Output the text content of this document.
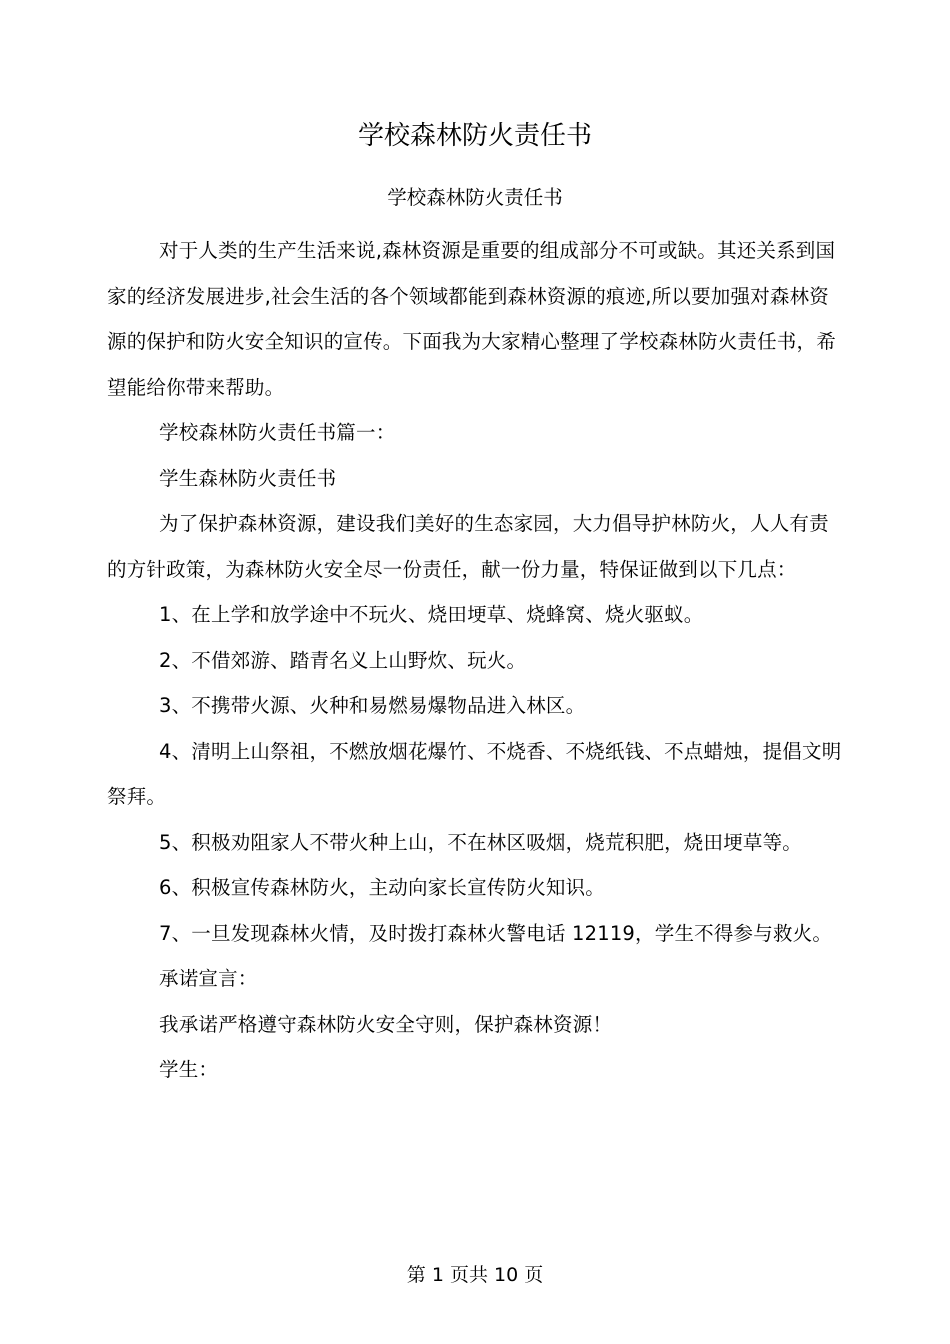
学校森林防火责任书
学校森林防火责任书

对于人类的生产生活来说,森林资源是重要的组成部分不可或缺。其还关系到国家的经济发展进步,社会生活的各个领域都能到森林资源的痕迹,所以要加强对森林资源的保护和防火安全知识的宣传。下面我为大家精心整理了学校森林防火责任书，希望能给你带来帮助。

学校森林防火责任书篇一：

学生森林防火责任书

为了保护森林资源，建设我们美好的生态家园，大力倡导护林防火，人人有责的方针政策，为森林防火安全尽一份责任，献一份力量，特保证做到以下几点：

1、在上学和放学途中不玩火、烧田埂草、烧蜂窝、烧火驱蚁。

2、不借郊游、踏青名义上山野炊、玩火。

3、不携带火源、火种和易燃易爆物品进入林区。

4、清明上山祭祖，不燃放烟花爆竹、不烧香、不烧纸钱、不点蜡烛，提倡文明祭拜。

5、积极劝阻家人不带火种上山，不在林区吸烟，烧荒积肥，烧田埂草等。

6、积极宣传森林防火，主动向家长宣传防火知识。

7、一旦发现森林火情，及时拨打森林火警电话 12119，学生不得参与救火。

承诺宣言：

我承诺严格遵守森林防火安全守则，保护森林资源！

学生：

第 1 页共 10 页
